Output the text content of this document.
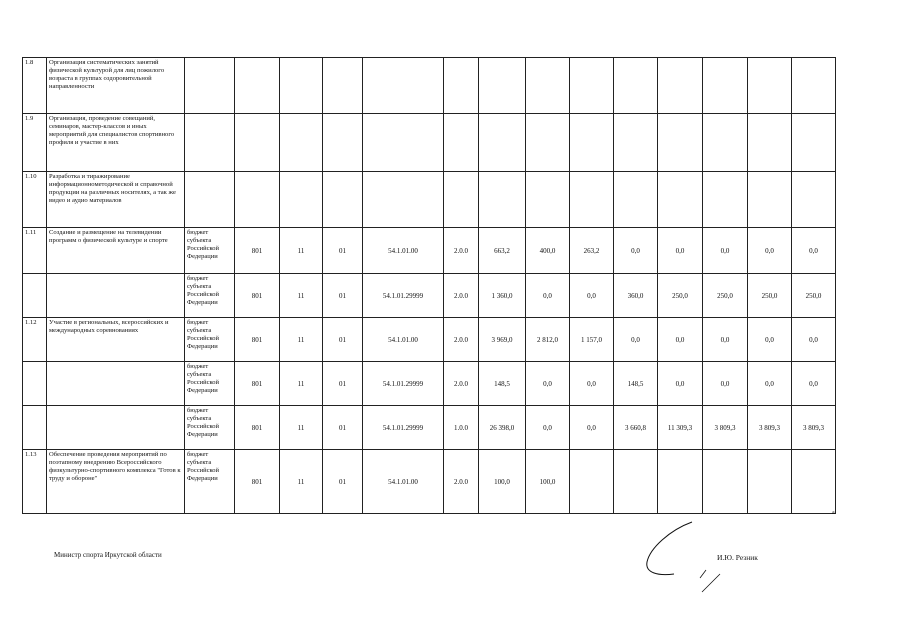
1.8	Организация систематических занятий физической культурой для лиц пожилого возраста в группах оздоровительной направленности														
1.9	Организация, проведение совещаний, семинаров, мастер-классов и иных мероприятий для специалистов спортивного профиля и участие в них														
1.10	Разработка и тиражирование информационнометодической и справочной продукции на различных носителях, а так же видео и аудио материалов														
1.11	Создание и размещение на телевидении программ о физической культуре и спорте	бюджет субъекта Российской Федерации	801	11	01	54.1.01.00	2.0.0	663,2	400,0	263,2	0,0	0,0	0,0	0,0	0,0
		бюджет субъекта Российской Федерации	801	11	01	54.1.01.29999	2.0.0	1 360,0	0,0	0,0	360,0	250,0	250,0	250,0	250,0
1.12	Участие в региональных, всероссийских и международных соревнованиях	бюджет субъекта Российской Федерации	801	11	01	54.1.01.00	2.0.0	3 969,0	2 812,0	1 157,0	0,0	0,0	0,0	0,0	0,0
		бюджет субъекта Российской Федерации	801	11	01	54.1.01.29999	2.0.0	148,5	0,0	0,0	148,5	0,0	0,0	0,0	0,0
		бюджет субъекта Российской Федерации	801	11	01	54.1.01.29999	1.0.0	26 398,0	0,0	0,0	3 660,8	11 309,3	3 809,3	3 809,3	3 809,3
1.13	Обеспечение проведения мероприятий по поэтапному внедрению Всероссийского физкультурно-спортивного комплекса "Готов к труду и обороне"	бюджет субъекта Российской Федерации	801	11	01	54.1.01.00	2.0.0	100,0	100,0						
a
Министр спорта Иркутской области	И.Ю. Резник
